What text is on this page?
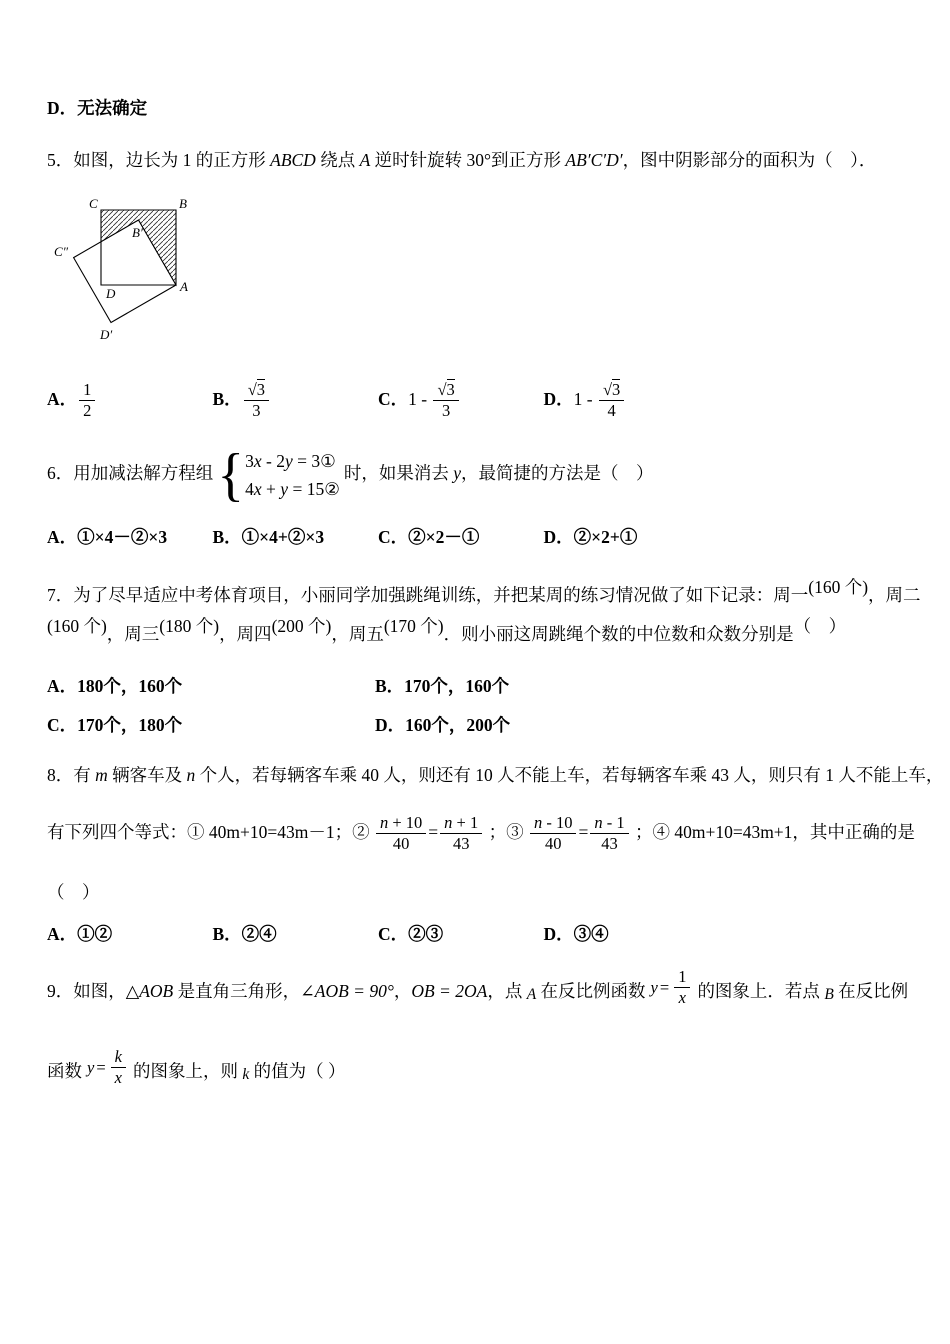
D．无法确定

5．如图，边长为 1 的正方形 ABCD 绕点 A 逆时针旋转 30°到正方形 AB′C′D′，图中阴影部分的面积为（　）．

C	B
B′
C″
D	A
D′
A． $\frac{1}{2}$	B． $\frac{√3}{3}$	C．$1 - \frac{√3}{3}$	D．$1 - \frac{√3}{4}$
6．用加减法解方程组 { 3x - 2y = 3①
4x + y = 15②
时，如果消去 y，最简捷的方法是（　）
A．①×4－②×3	B．①×4+②×3	C．②×2－①	D．②×2+①
7．为了尽早适应中考体育项目，小丽同学加强跳绳训练，并把某周的练习情况做了如下记录：周一(160 个)，周二
(160 个)，周三(180 个)，周四(200 个)，周五(170 个)．则小丽这周跳绳个数的中位数和众数分别是（　）
A．180个，160个	B．170个，160个
C．170个，180个	D．160个，200个
8．有 m 辆客车及 n 个人，若每辆客车乘 40 人，则还有 10 人不能上车，若每辆客车乘 43 人，则只有 1 人不能上车，
有下列四个等式：① 40m+10=43m－1；② $\frac{n + 10}{40} = \frac{n + 1}{43}$ ；③ $\frac{n - 10}{40} = \frac{n - 1}{43}$ ；④ 40m+10=43m+1，其中正确的是
（　）
A．①②	B．②④	C．②③	D．③④
9．如图，△AOB 是直角三角形，∠AOB = 90°，OB = 2OA，点 A 在反比例函数 $y = \frac{1}{x}$ 的图象上．若点 B 在反比例
函数 $y = \frac{k}{x}$ 的图象上，则 k 的值为（ ）
